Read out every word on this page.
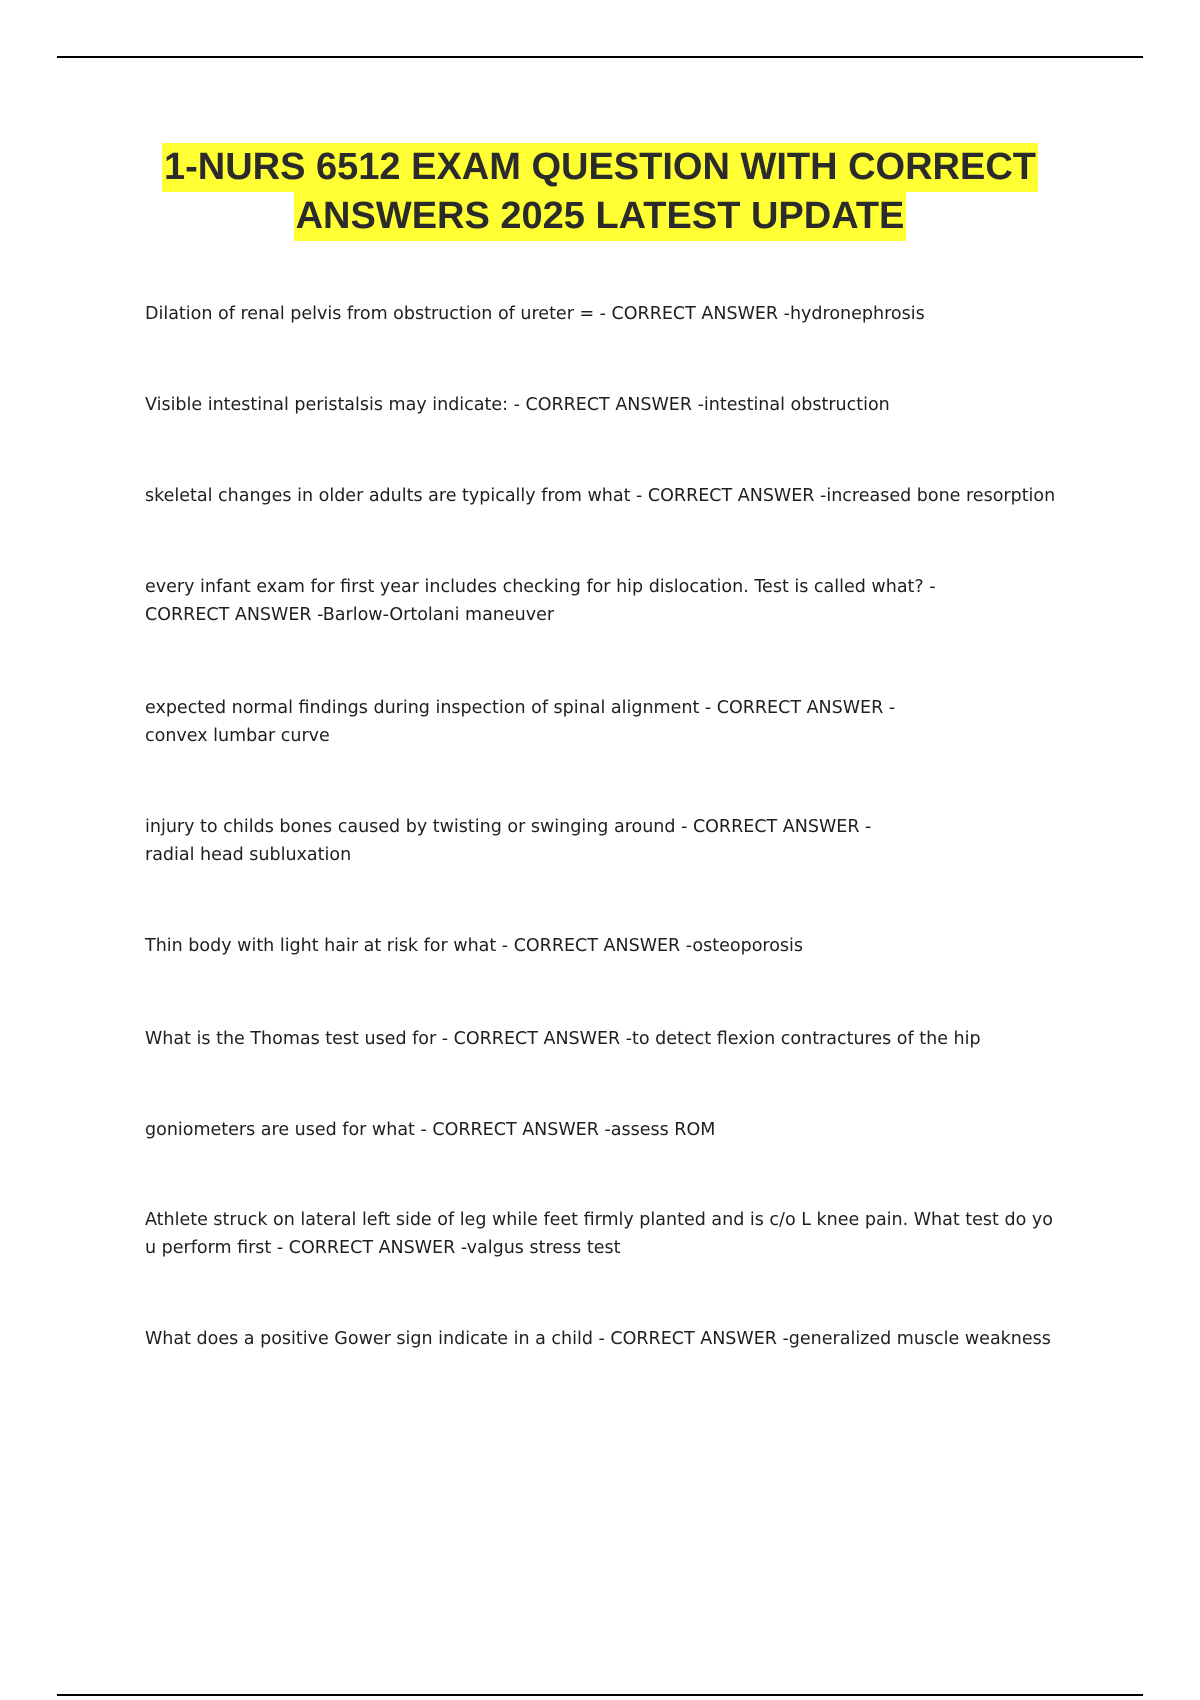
1-NURS 6512 EXAM QUESTION WITH CORRECT
ANSWERS 2025 LATEST UPDATE

Dilation of renal pelvis from obstruction of ureter = - CORRECT ANSWER -hydronephrosis

Visible intestinal peristalsis may indicate: - CORRECT ANSWER -intestinal obstruction

skeletal changes in older adults are typically from what - CORRECT ANSWER -increased bone resorption

every infant exam for first year includes checking for hip dislocation. Test is called what? -
CORRECT ANSWER -Barlow-Ortolani maneuver

expected normal findings during inspection of spinal alignment - CORRECT ANSWER -
convex lumbar curve

injury to childs bones caused by twisting or swinging around - CORRECT ANSWER -
radial head subluxation

Thin body with light hair at risk for what - CORRECT ANSWER -osteoporosis

What is the Thomas test used for - CORRECT ANSWER -to detect flexion contractures of the hip

goniometers are used for what - CORRECT ANSWER -assess ROM

Athlete struck on lateral left side of leg while feet firmly planted and is c/o L knee pain. What test do yo
u perform first - CORRECT ANSWER -valgus stress test

What does a positive Gower sign indicate in a child - CORRECT ANSWER -generalized muscle weakness
